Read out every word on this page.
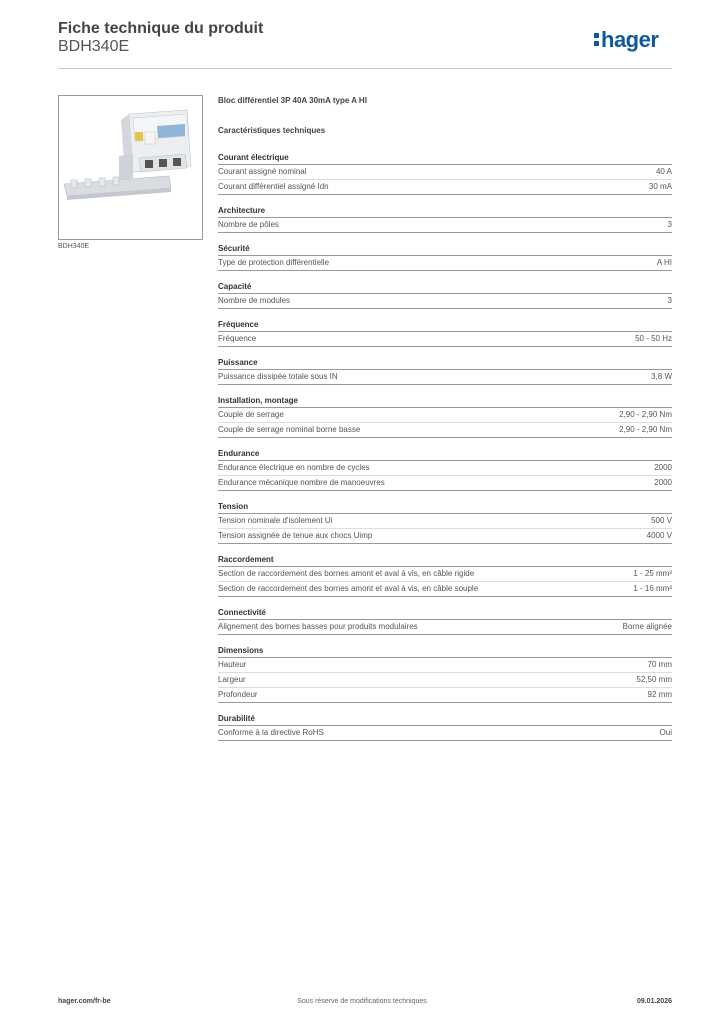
Fiche technique du produit
BDH340E	hager
BDH340E
Bloc différentiel 3P 40A 30mA type A HI
Caractéristiques techniques
Courant électrique
Courant assigné nominal	40 A
Courant différentiel assigné Idn	30 mA
Architecture
Nombre de pôles	3
Sécurité
Type de protection différentielle	A HI
Capacité
Nombre de modules	3
Fréquence
Fréquence	50 - 50 Hz
Puissance
Puissance dissipée totale sous IN	3,8 W
Installation, montage
Couple de serrage	2,90 - 2,90 Nm
Couple de serrage nominal borne basse	2,90 - 2,90 Nm
Endurance
Endurance électrique en nombre de cycles	2000
Endurance mécanique nombre de manoeuvres	2000
Tension
Tension nominale d'isolement Ui	500 V
Tension assignée de tenue aux chocs Uimp	4000 V
Raccordement
Section de raccordement des bornes amont et aval à vis, en câble rigide	1 - 25 mm²
Section de raccordement des bornes amont et aval à vis, en câble souple	1 - 16 mm²
Connectivité
Alignement des bornes basses pour produits modulaires	Borne alignée
Dimensions
Hauteur	70 mm
Largeur	52,50 mm
Profondeur	92 mm
Durabilité
Conforme à la directive RoHS	Oui
hager.com/fr-be	Sous réserve de modifications techniques	09.01.2026
